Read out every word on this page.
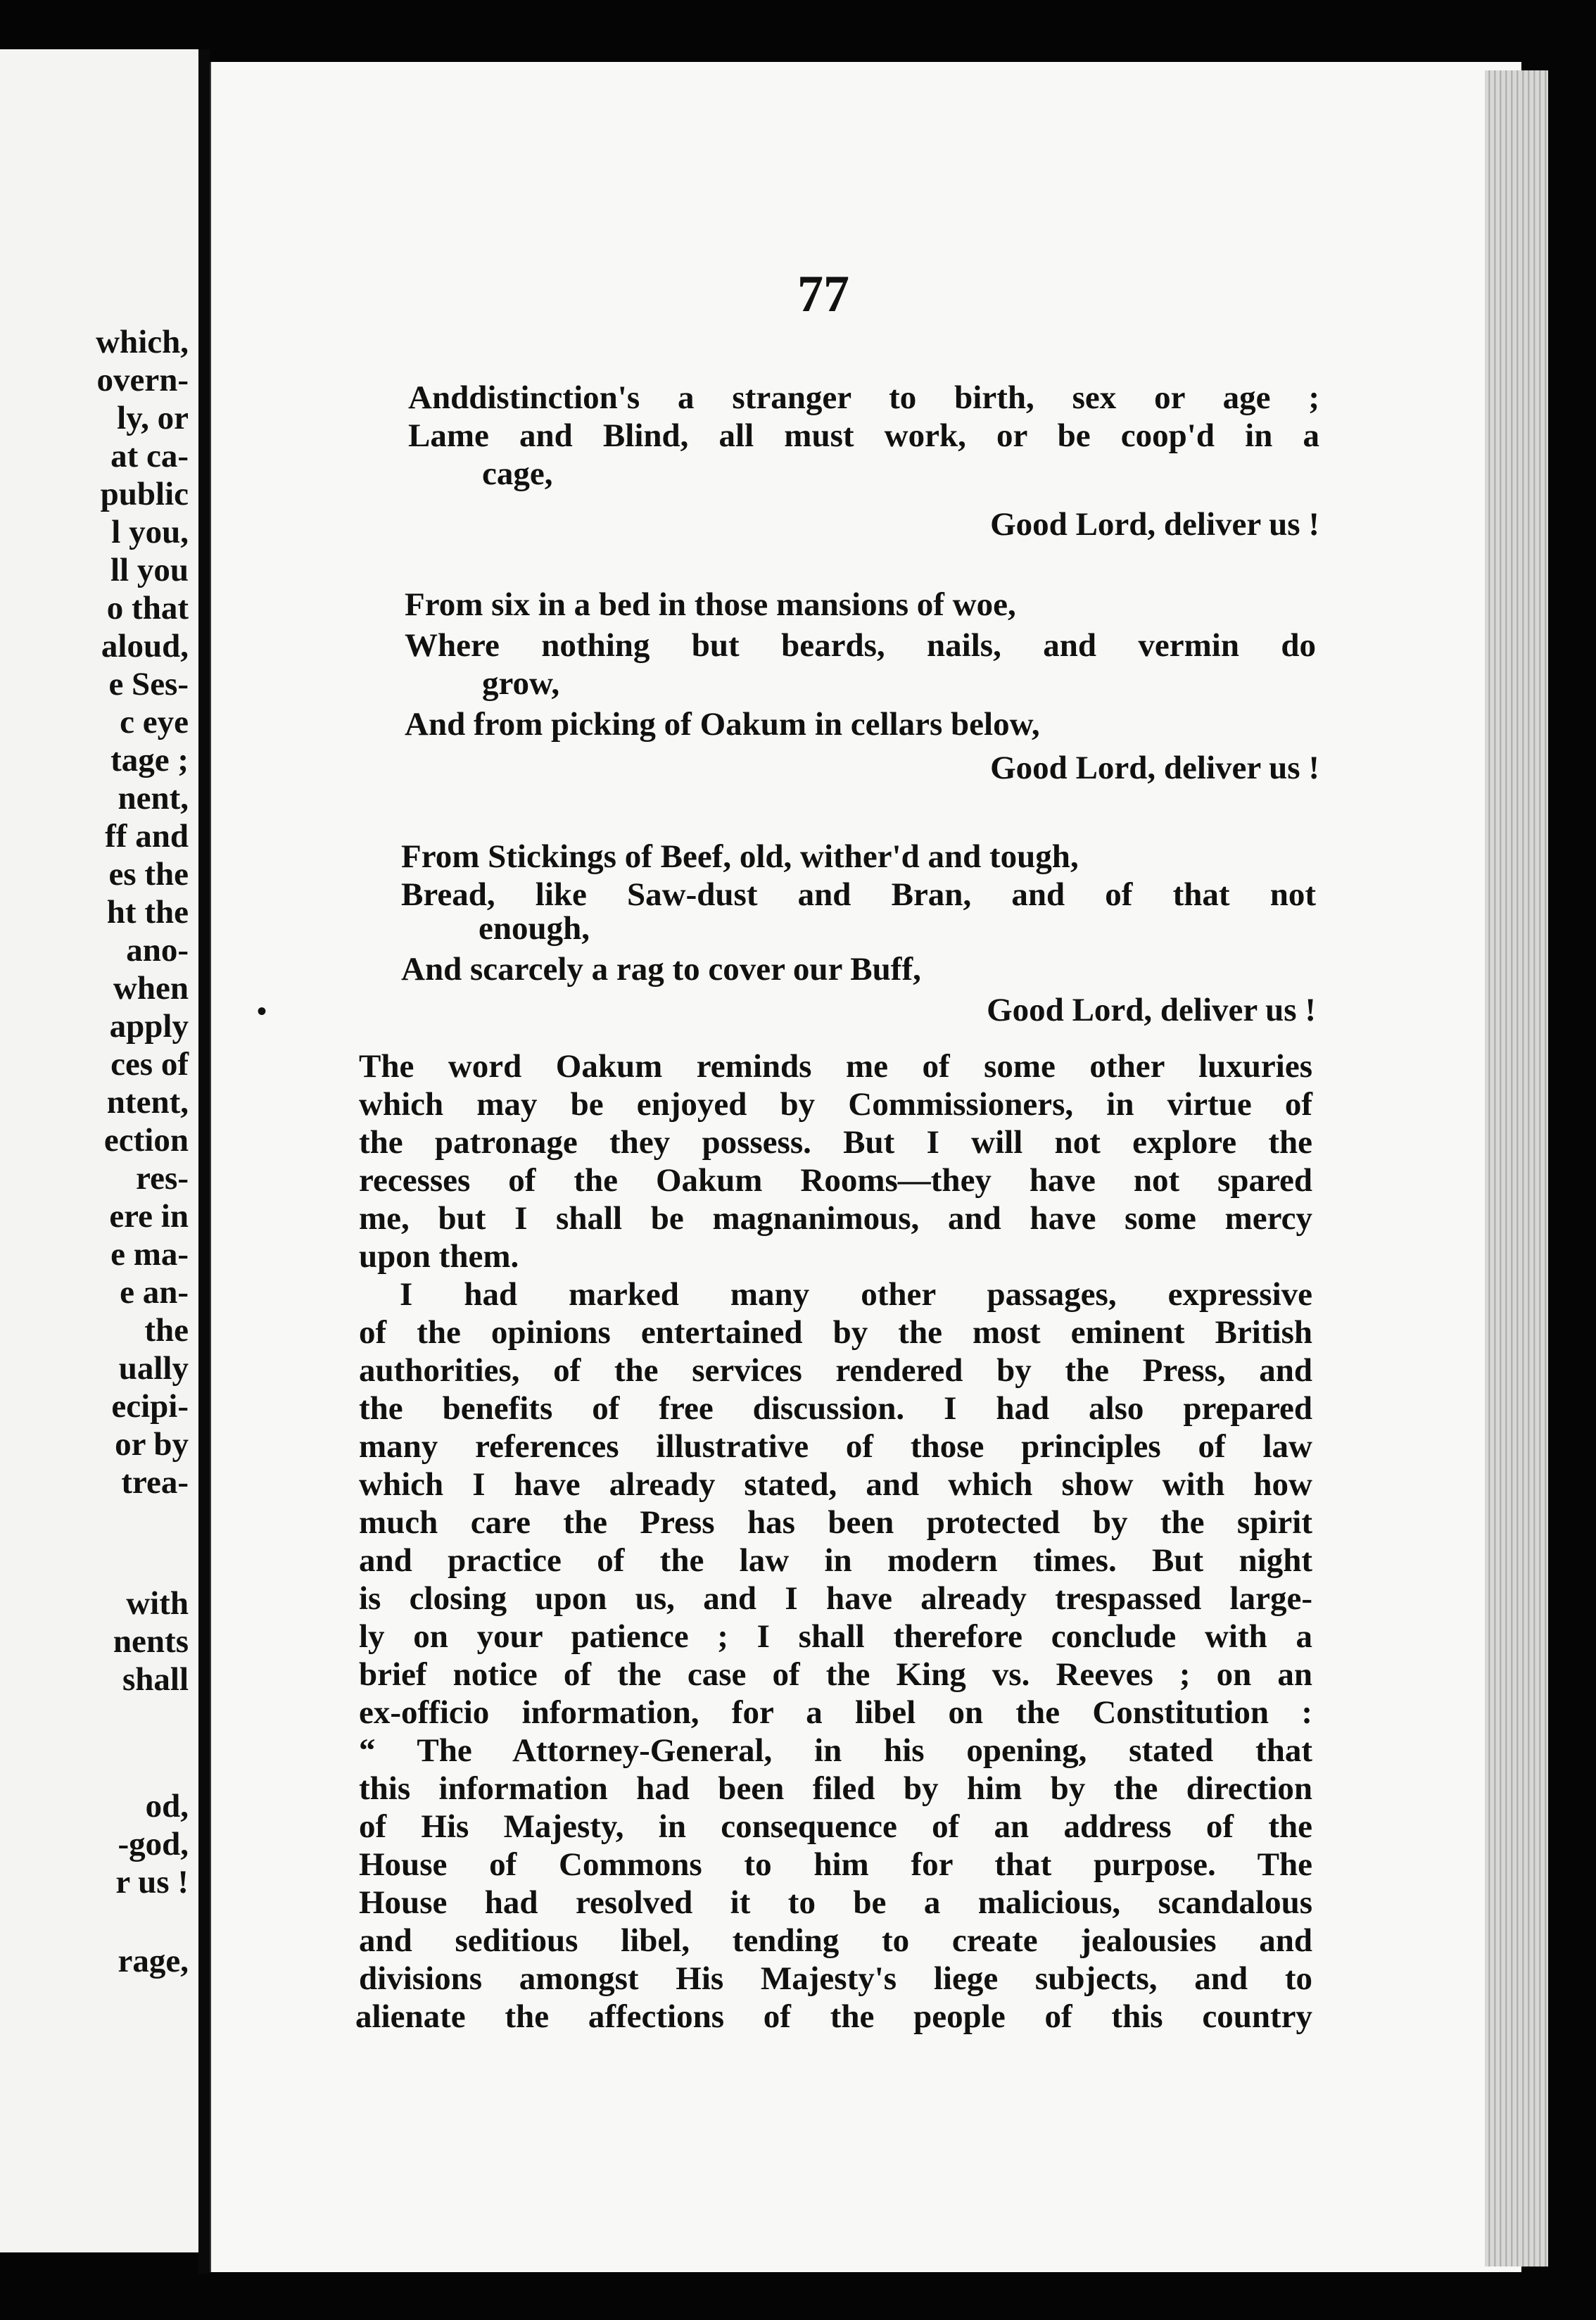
which,
overn-
ly, or
at ca-
public
l you,
ll you
o that
aloud,
e Ses-
c eye
tage ;
nent,
ff and
es the
ht the
ano-
when
apply
ces of
ntent,
ection
res-
ere in
e ma-
e an-
the
ually
ecipi-
or by
trea-
with
nents
shall
od,
-god,
r us !
rage,
77
Anddistinction's a stranger to birth, sex or age ;
Lame and Blind, all must work, or be coop'd in a
cage,
Good Lord, deliver us !
From six in a bed in those mansions of woe,
Where nothing but beards, nails, and vermin do
grow,
And from picking of Oakum in cellars below,
Good Lord, deliver us !
From Stickings of Beef, old, wither'd and tough,
Bread, like Saw-dust and Bran, and of that not
enough,
And scarcely a rag to cover our Buff,
Good Lord, deliver us !
•
The word Oakum reminds me of some other luxuries
which may be enjoyed by Commissioners, in virtue of
the patronage they possess. But I will not explore the
recesses of the Oakum Rooms—they have not spared
me, but I shall be magnanimous, and have some mercy
upon them.
I had marked many other passages, expressive
of the opinions entertained by the most eminent British
authorities, of the services rendered by the Press, and
the benefits of free discussion. I had also prepared
many references illustrative of those principles of law
which I have already stated, and which show with how
much care the Press has been protected by the spirit
and practice of the law in modern times. But night
is closing upon us, and I have already trespassed large-
ly on your patience ; I shall therefore conclude with a
brief notice of the case of the King vs. Reeves ; on an
ex-officio information, for a libel on the Constitution :
“ The Attorney-General, in his opening, stated that
this information had been filed by him by the direction
of His Majesty, in consequence of an address of the
House of Commons to him for that purpose. The
House had resolved it to be a malicious, scandalous
and seditious libel, tending to create jealousies and
divisions amongst His Majesty's liege subjects, and to
alienate the affections of the people of this country
